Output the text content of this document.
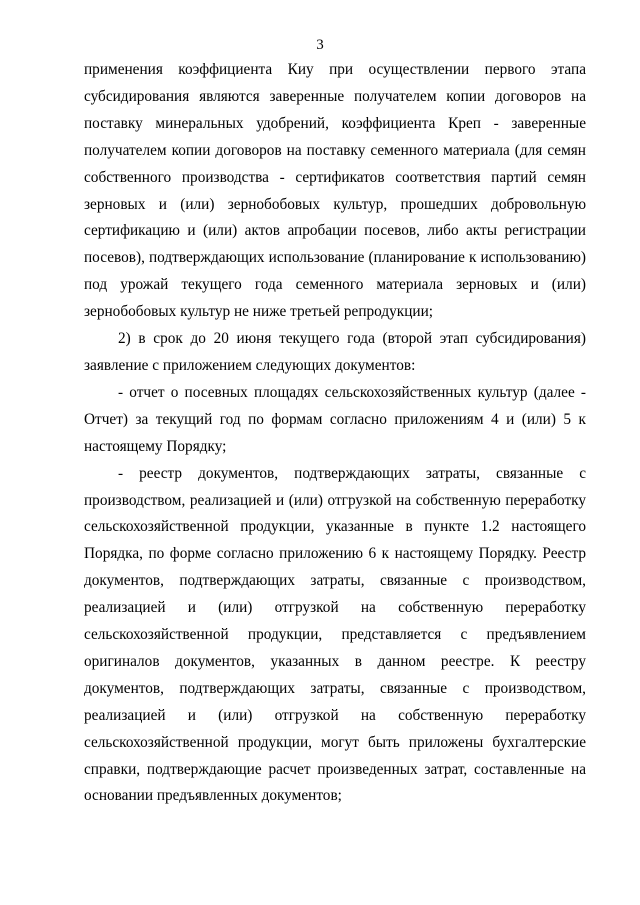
3

применения коэффициента Киу при осуществлении первого этапа субсидирования являются заверенные получателем копии договоров на поставку минеральных удобрений, коэффициента Креп - заверенные получателем копии договоров на поставку семенного материала (для семян собственного производства - сертификатов соответствия партий семян зерновых и (или) зернобобовых культур, прошедших добровольную сертификацию и (или) актов апробации посевов, либо акты регистрации посевов), подтверждающих использование (планирование к использованию) под урожай текущего года семенного материала зерновых и (или) зернобобовых культур не ниже третьей репродукции;

2) в срок до 20 июня текущего года (второй этап субсидирования) заявление с приложением следующих документов:

- отчет о посевных площадях сельскохозяйственных культур (далее - Отчет) за текущий год по формам согласно приложениям 4 и (или) 5 к настоящему Порядку;

- реестр документов, подтверждающих затраты, связанные с производством, реализацией и (или) отгрузкой на собственную переработку сельскохозяйственной продукции, указанные в пункте 1.2 настоящего Порядка, по форме согласно приложению 6 к настоящему Порядку. Реестр документов, подтверждающих затраты, связанные с производством, реализацией и (или) отгрузкой на собственную переработку сельскохозяйственной продукции, представляется с предъявлением оригиналов документов, указанных в данном реестре. К реестру документов, подтверждающих затраты, связанные с производством, реализацией и (или) отгрузкой на собственную переработку сельскохозяйственной продукции, могут быть приложены бухгалтерские справки, подтверждающие расчет произведенных затрат, составленные на основании предъявленных документов;
